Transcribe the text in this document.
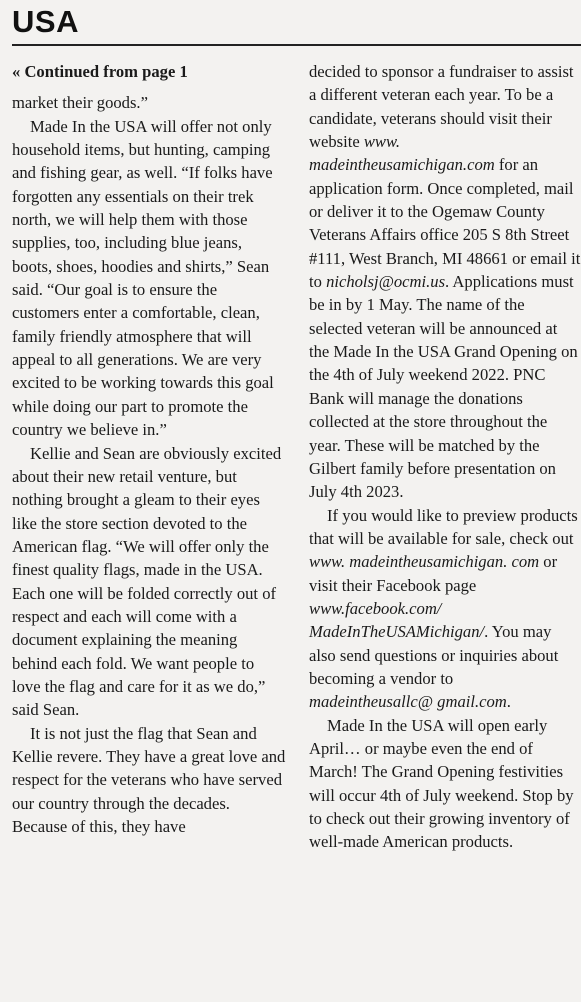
USA

« Continued from page 1

market their goods.”

Made In the USA will offer not only household items, but hunting, camping and fishing gear, as well. “If folks have forgotten any essentials on their trek north, we will help them with those supplies, too, including blue jeans, boots, shoes, hoodies and shirts,” Sean said. “Our goal is to ensure the customers enter a comfortable, clean, family friendly atmosphere that will appeal to all generations. We are very excited to be working towards this goal while doing our part to promote the country we believe in.”

Kellie and Sean are obviously excited about their new retail venture, but nothing brought a gleam to their eyes like the store section devoted to the American flag. “We will offer only the finest quality flags, made in the USA. Each one will be folded correctly out of respect and each will come with a document explaining the meaning behind each fold. We want people to love the flag and care for it as we do,” said Sean.

It is not just the flag that Sean and Kellie revere. They have a great love and respect for the veterans who have served our country through the decades. Because of this, they have

decided to sponsor a fundraiser to assist a different veteran each year. To be a candidate, veterans should visit their website www. madeintheusamichigan.com for an application form. Once completed, mail or deliver it to the Ogemaw County Veterans Affairs office 205 S 8th Street #111, West Branch, MI 48661 or email it to nicholsj@ocmi.us. Applications must be in by 1 May. The name of the selected veteran will be announced at the Made In the USA Grand Opening on the 4th of July weekend 2022. PNC Bank will manage the donations collected at the store throughout the year. These will be matched by the Gilbert family before presentation on July 4th 2023.

If you would like to preview products that will be available for sale, check out www. madeintheusamichigan. com or visit their Facebook page www.facebook.com/ MadeInTheUSAMichigan/. You may also send questions or inquiries about becoming a vendor to madeintheusallc@ gmail.com.

Made In the USA will open early April… or maybe even the end of March! The Grand Opening festivities will occur 4th of July weekend. Stop by to check out their growing inventory of well-made American products.
